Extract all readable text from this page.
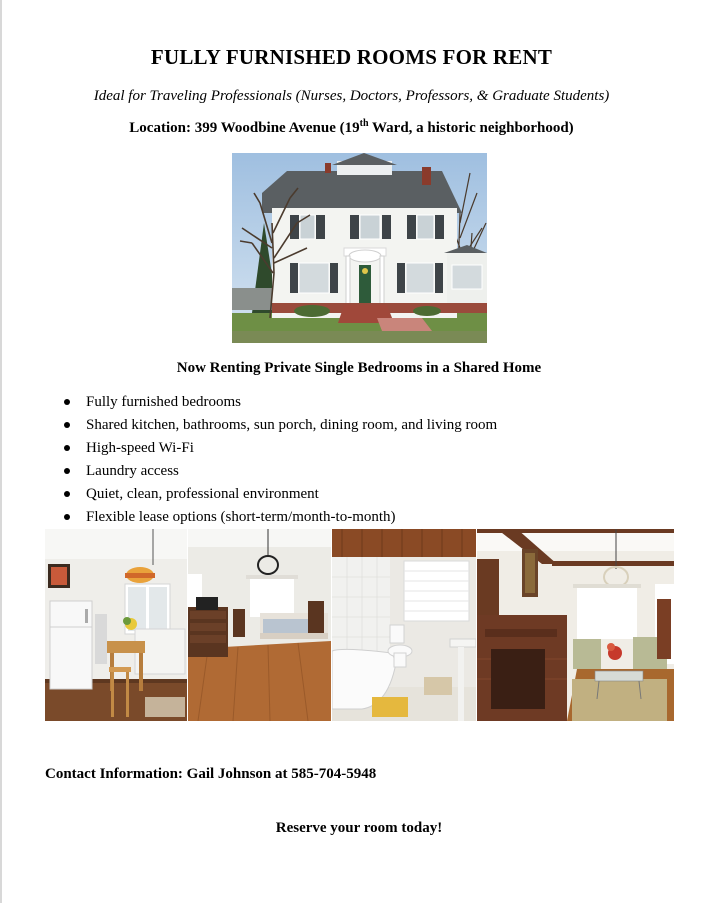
FULLY FURNISHED ROOMS FOR RENT
Ideal for Traveling Professionals (Nurses, Doctors, Professors, & Graduate Students)
Location: 399 Woodbine Avenue (19th Ward, a historic neighborhood)
Now Renting Private Single Bedrooms in a Shared Home
Fully furnished bedrooms
Shared kitchen, bathrooms, sun porch, dining room, and living room
High-speed Wi-Fi
Laundry access
Quiet, clean, professional environment
Flexible lease options (short-term/month-to-month)
Contact Information: Gail Johnson at 585-704-5948
Reserve your room today!
